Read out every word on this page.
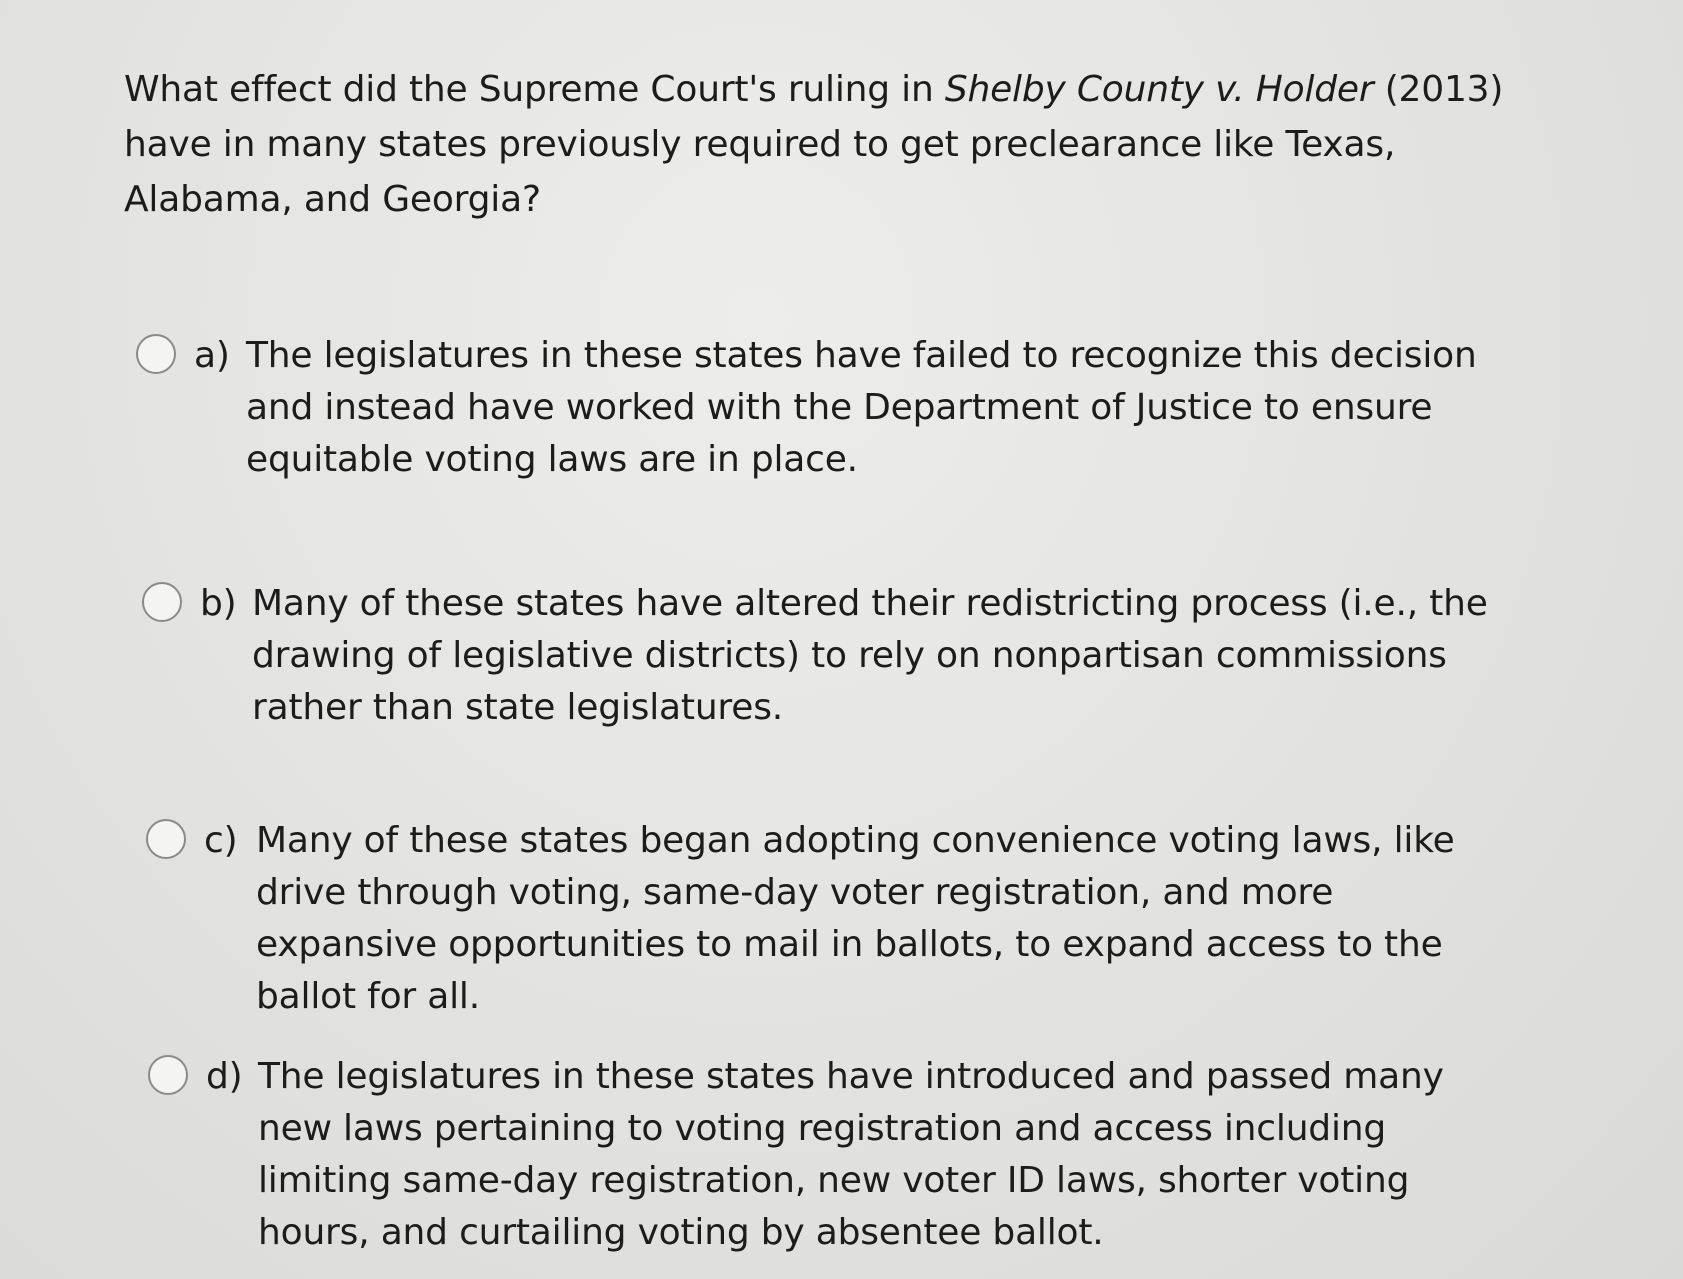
What effect did the Supreme Court's ruling in Shelby County v. Holder (2013) have in many states previously required to get preclearance like Texas, Alabama, and Georgia?
a) The legislatures in these states have failed to recognize this decision and instead have worked with the Department of Justice to ensure equitable voting laws are in place.
b) Many of these states have altered their redistricting process (i.e., the drawing of legislative districts) to rely on nonpartisan commissions rather than state legislatures.
c) Many of these states began adopting convenience voting laws, like drive through voting, same-day voter registration, and more expansive opportunities to mail in ballots, to expand access to the ballot for all.
d) The legislatures in these states have introduced and passed many new laws pertaining to voting registration and access including limiting same-day registration, new voter ID laws, shorter voting hours, and curtailing voting by absentee ballot.
